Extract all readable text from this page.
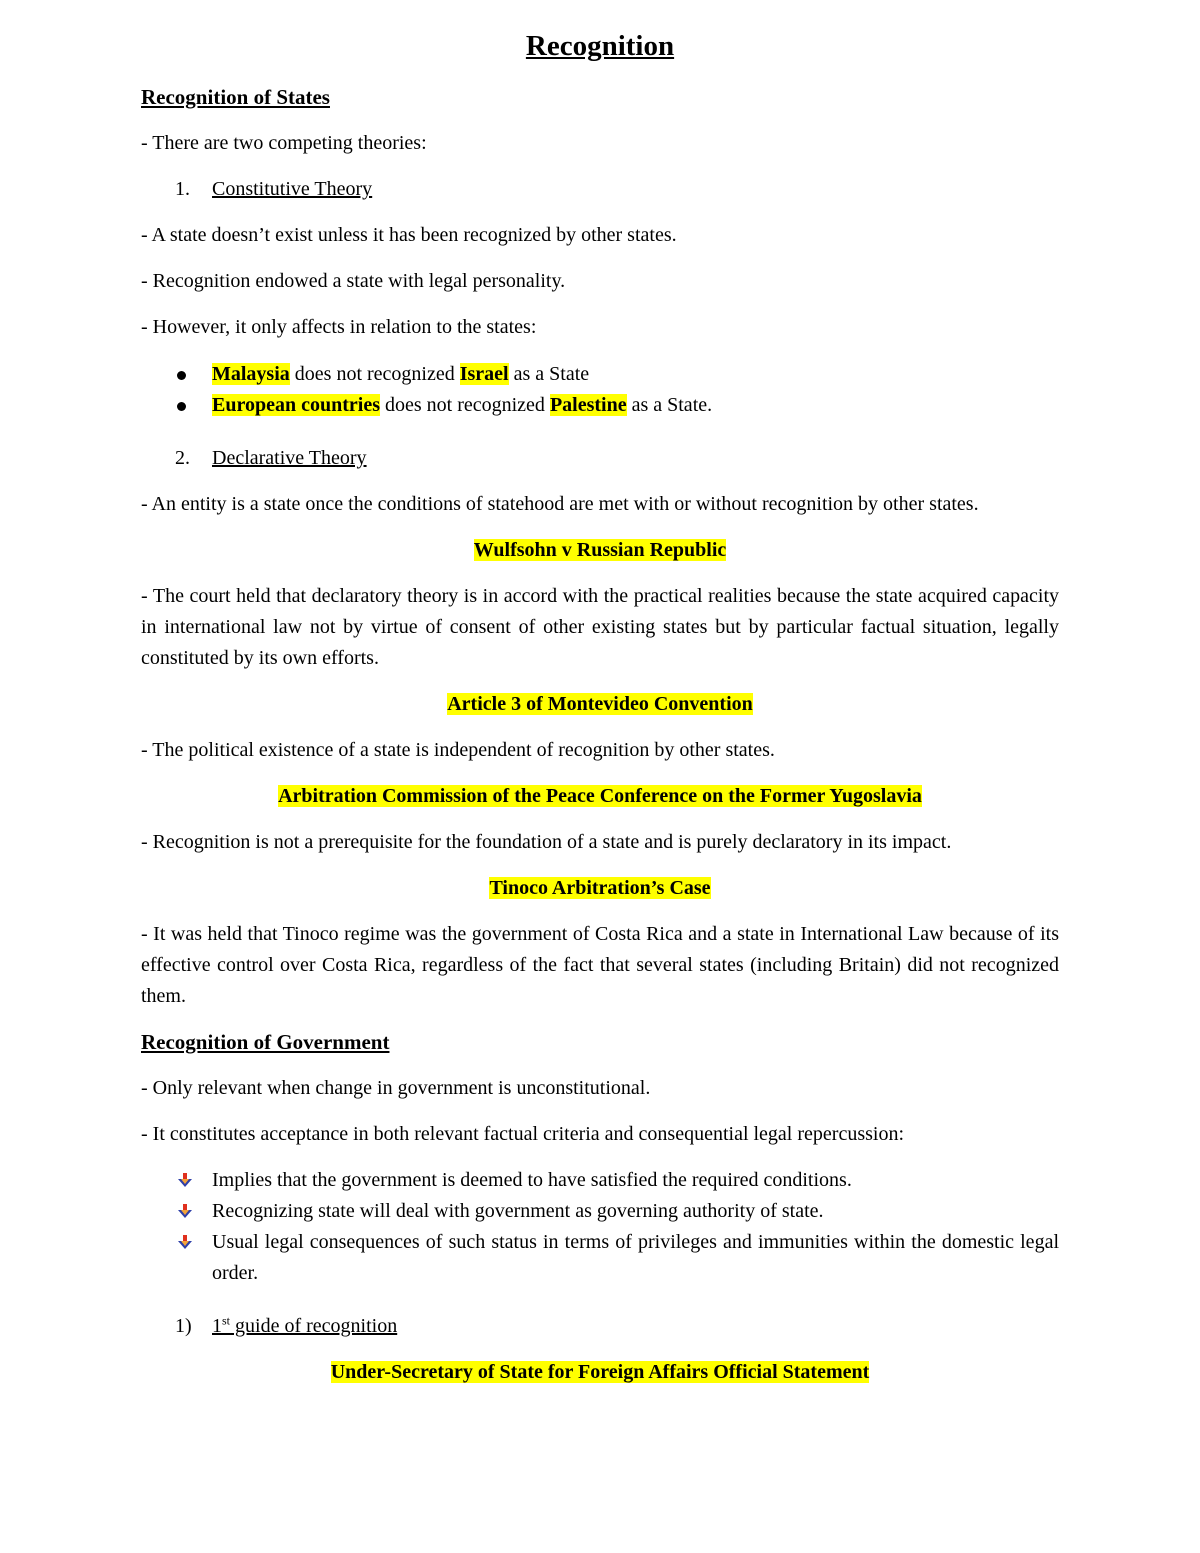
Recognition
Recognition of States

- There are two competing theories:

1.	Constitutive Theory

- A state doesn’t exist unless it has been recognized by other states.

- Recognition endowed a state with legal personality.

- However, it only affects in relation to the states:

Malaysia does not recognized Israel as a State
European countries does not recognized Palestine as a State.
2.	Declarative Theory

- An entity is a state once the conditions of statehood are met with or without recognition by other states.

Wulfsohn v Russian Republic

- The court held that declaratory theory is in accord with the practical realities because the state acquired capacity in international law not by virtue of consent of other existing states but by particular factual situation, legally constituted by its own efforts.

Article 3 of Montevideo Convention

- The political existence of a state is independent of recognition by other states.

Arbitration Commission of the Peace Conference on the Former Yugoslavia

- Recognition is not a prerequisite for the foundation of a state and is purely declaratory in its impact.

Tinoco Arbitration’s Case

- It was held that Tinoco regime was the government of Costa Rica and a state in International Law because of its effective control over Costa Rica, regardless of the fact that several states (including Britain) did not recognized them.

Recognition of Government

- Only relevant when change in government is unconstitutional.

- It constitutes acceptance in both relevant factual criteria and consequential legal repercussion:

Implies that the government is deemed to have satisfied the required conditions.
Recognizing state will deal with government as governing authority of state.
Usual legal consequences of such status in terms of privileges and immunities within the domestic legal order.
1)	1st guide of recognition
Under-Secretary of State for Foreign Affairs Official Statement
